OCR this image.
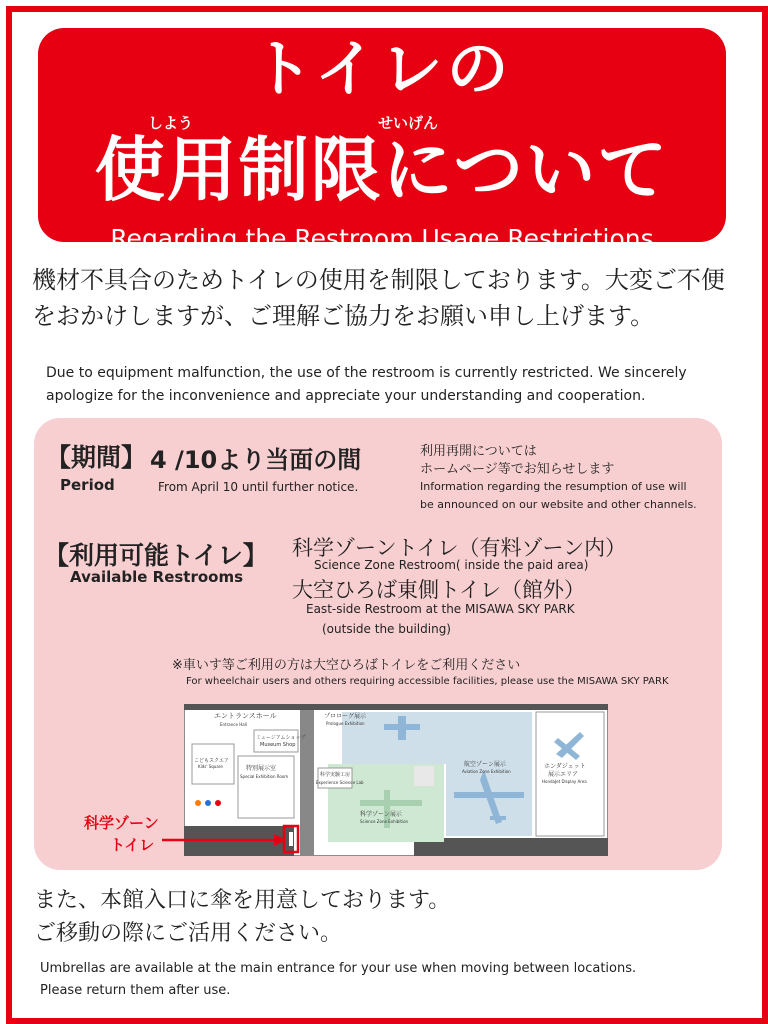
トイレの
しよう	せいげん
使用制限について
Regarding the Restroom Usage Restrictions
機材不具合のためトイレの使用を制限しております。大変ご不便をおかけしますが、ご理解ご協力をお願い申し上げます。
Due to equipment malfunction, the use of the restroom is currently restricted. We sincerely apologize for the inconvenience and appreciate your understanding and cooperation.
【期間】
Period
4 /10より当面の間
From April 10 until further notice.
利用再開については
ホームページ等でお知らせします
Information regarding the resumption of use will
be announced on our website and other channels.
【利用可能トイレ】
Available Restrooms
科学ゾーントイレ（有料ゾーン内）
Science Zone Restroom( inside the paid area)
大空ひろば東側トイレ（館外）
East-side Restroom at the MISAWA SKY PARK
(outside the building)
※車いす等ご利用の方は大空ひろばトイレをご利用ください
For wheelchair users and others requiring accessible facilities, please use the MISAWA SKY PARK
エントランスホール
Entrance Hall
プロローグ展示
Prologue Exhibition
ミュージアムショップ
Museum Shop
こどもスクエア
Kids' Square	特別展示室
Special Exhibition Room	科学実験工房
Experience Science Lab
科学ゾーン展示
Science Zone Exhibition
航空ゾーン展示
Aviation Zone Exhibition
ホンダジェット
展示エリア
HondaJet Display Area
科学ゾーン
トイレ
また、本館入口に傘を用意しております。
ご移動の際にご活用ください。
Umbrellas are available at the main entrance for your use when moving between locations.
Please return them after use.
